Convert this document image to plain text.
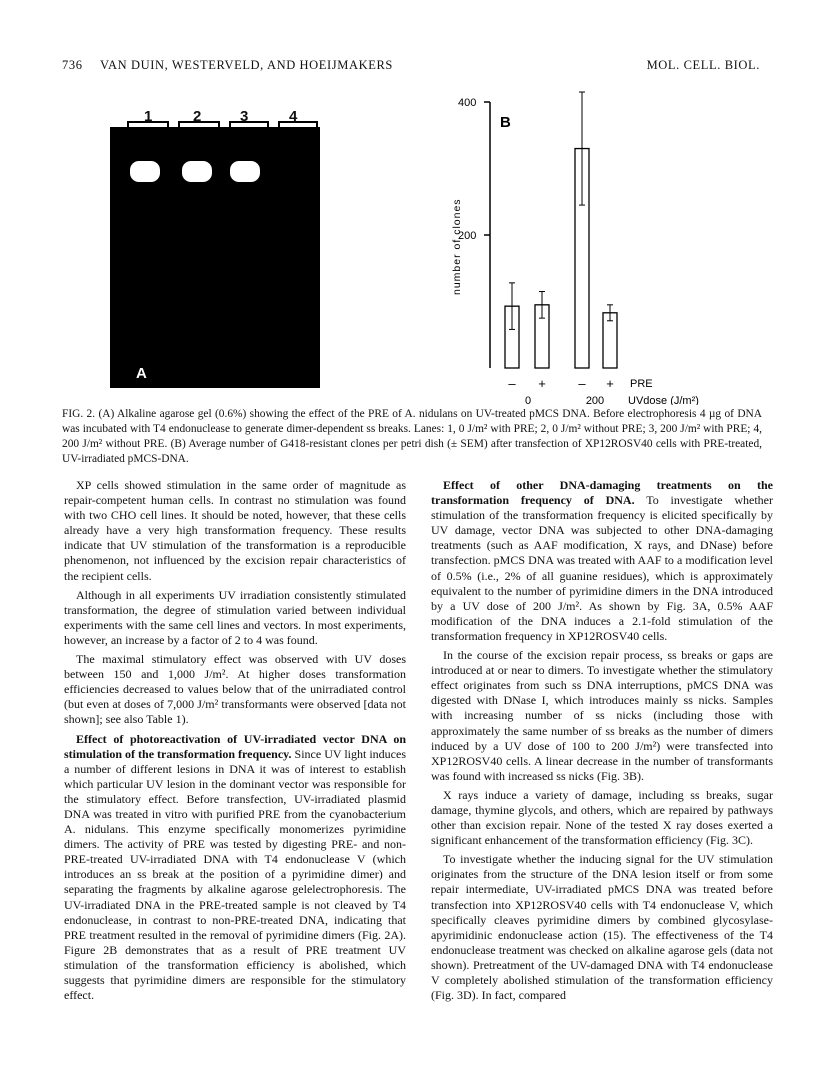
736 VAN DUIN, WESTERVELD, AND HOEIJMAKERS	MOL. CELL. BIOL.
1	2	3	4
A
400
200
number of clones
B
– +	– + PRE
0	200 UVdose (J/m²)
FIG. 2. (A) Alkaline agarose gel (0.6%) showing the effect of the PRE of A. nidulans on UV-treated pMCS DNA. Before electrophoresis 4 µg of DNA was incubated with T4 endonuclease to generate dimer-dependent ss breaks. Lanes: 1, 0 J/m² with PRE; 2, 0 J/m² without PRE; 3, 200 J/m² with PRE; 4, 200 J/m² without PRE. (B) Average number of G418-resistant clones per petri dish (± SEM) after transfection of XP12ROSV40 cells with PRE-treated, UV-irradiated pMCS-DNA.

XP cells showed stimulation in the same order of magnitude as repair-competent human cells. In contrast no stimulation was found with two CHO cell lines. It should be noted, however, that these cells already have a very high transformation frequency. These results indicate that UV stimulation of the transformation is a reproducible phenomenon, not influenced by the excision repair characteristics of the recipient cells.

Although in all experiments UV irradiation consistently stimulated transformation, the degree of stimulation varied between individual experiments with the same cell lines and vectors. In most experiments, however, an increase by a factor of 2 to 4 was found.

The maximal stimulatory effect was observed with UV doses between 150 and 1,000 J/m². At higher doses transformation efficiencies decreased to values below that of the unirradiated control (but even at doses of 7,000 J/m² transformants were observed [data not shown]; see also Table 1).

Effect of photoreactivation of UV-irradiated vector DNA on stimulation of the transformation frequency. Since UV light induces a number of different lesions in DNA it was of interest to establish which particular UV lesion in the dominant vector was responsible for the stimulatory effect. Before transfection, UV-irradiated plasmid DNA was treated in vitro with purified PRE from the cyanobacterium A. nidulans. This enzyme specifically monomerizes pyrimidine dimers. The activity of PRE was tested by digesting PRE- and non-PRE-treated UV-irradiated DNA with T4 endonuclease V (which introduces an ss break at the position of a pyrimidine dimer) and separating the fragments by alkaline agarose gelelectrophoresis. The UV-irradiated DNA in the PRE-treated sample is not cleaved by T4 endonuclease, in contrast to non-PRE-treated DNA, indicating that PRE treatment resulted in the removal of pyrimidine dimers (Fig. 2A). Figure 2B demonstrates that as a result of PRE treatment UV stimulation of the transformation efficiency is abolished, which suggests that pyrimidine dimers are responsible for the stimulatory effect.

Effect of other DNA-damaging treatments on the transformation frequency of DNA. To investigate whether stimulation of the transformation frequency is elicited specifically by UV damage, vector DNA was subjected to other DNA-damaging treatments (such as AAF modification, X rays, and DNase) before transfection. pMCS DNA was treated with AAF to a modification level of 0.5% (i.e., 2% of all guanine residues), which is approximately equivalent to the number of pyrimidine dimers in the DNA introduced by a UV dose of 200 J/m². As shown by Fig. 3A, 0.5% AAF modification of the DNA induces a 2.1-fold stimulation of the transformation frequency in XP12ROSV40 cells.

In the course of the excision repair process, ss breaks or gaps are introduced at or near to dimers. To investigate whether the stimulatory effect originates from such ss DNA interruptions, pMCS DNA was digested with DNase I, which introduces mainly ss nicks. Samples with increasing number of ss nicks (including those with approximately the same number of ss breaks as the number of dimers induced by a UV dose of 100 to 200 J/m²) were transfected into XP12ROSV40 cells. A linear decrease in the number of transformants was found with increased ss nicks (Fig. 3B).

X rays induce a variety of damage, including ss breaks, sugar damage, thymine glycols, and others, which are repaired by pathways other than excision repair. None of the tested X ray doses exerted a significant enhancement of the transformation efficiency (Fig. 3C).

To investigate whether the inducing signal for the UV stimulation originates from the structure of the DNA lesion itself or from some repair intermediate, UV-irradiated pMCS DNA was treated before transfection into XP12ROSV40 cells with T4 endonuclease V, which specifically cleaves pyrimidine dimers by combined glycosylase-apyrimidinic endonuclease action (15). The effectiveness of the T4 endonuclease treatment was checked on alkaline agarose gels (data not shown). Pretreatment of the UV-damaged DNA with T4 endonuclease V completely abolished stimulation of the transformation efficiency (Fig. 3D). In fact, compared
